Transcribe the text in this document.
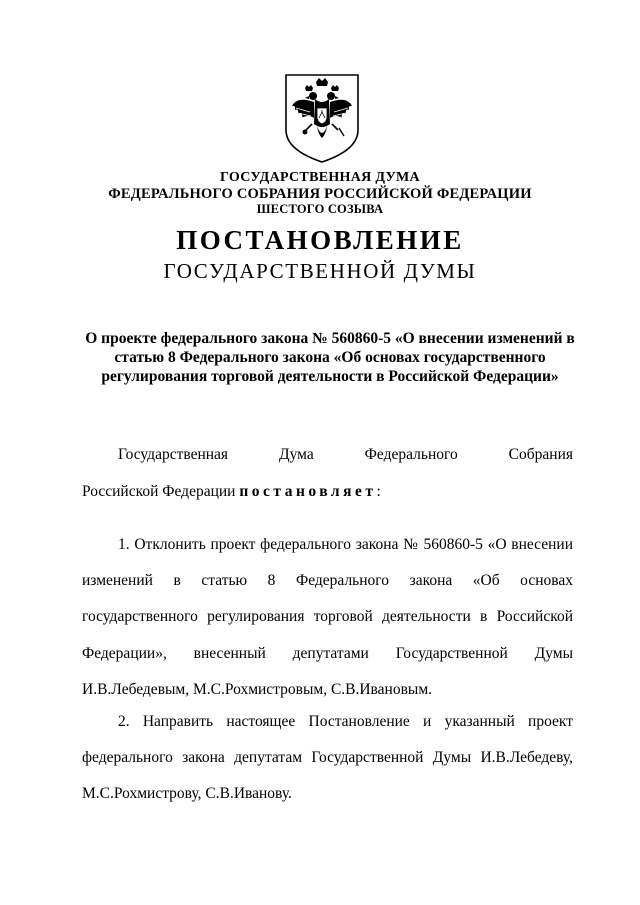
ГОСУДАРСТВЕННАЯ ДУМА
ФЕДЕРАЛЬНОГО СОБРАНИЯ РОССИЙСКОЙ ФЕДЕРАЦИИ
ШЕСТОГО СОЗЫВА
ПОСТАНОВЛЕНИЕ
ГОСУДАРСТВЕННОЙ ДУМЫ
О проекте федерального закона № 560860-5 «О внесении изменений в
статью 8 Федерального закона «Об основах государственного
регулирования торговой деятельности в Российской Федерации»
Государственная Дума Федерального Собрания
Российской Федерации постановляет:
1. Отклонить проект федерального закона № 560860-5 «О внесении
изменений в статью 8 Федерального закона «Об основах
государственного регулирования торговой деятельности в Российской
Федерации», внесенный депутатами Государственной Думы
И.В.Лебедевым, М.С.Рохмистровым, С.В.Ивановым.
2. Направить настоящее Постановление и указанный проект
федерального закона депутатам Государственной Думы И.В.Лебедеву,
М.С.Рохмистрову, С.В.Иванову.
